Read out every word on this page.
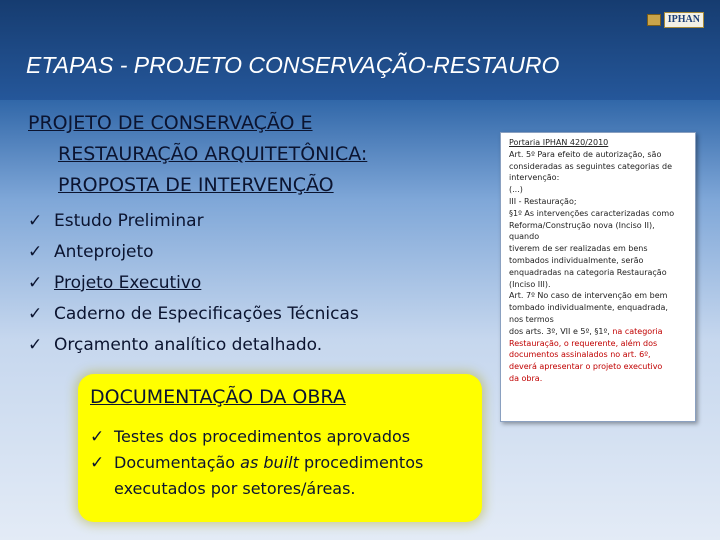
IPHAN
ETAPAS - PROJETO CONSERVAÇÃO-RESTAURO
PROJETO DE CONSERVAÇÃO E
RESTAURAÇÃO ARQUITETÔNICA:
PROPOSTA DE INTERVENÇÃO
✓ Estudo Preliminar
✓ Anteprojeto
✓ Projeto Executivo
✓ Caderno de Especificações Técnicas
✓ Orçamento analítico detalhado.
DOCUMENTAÇÃO DA OBRA
✓ Testes dos procedimentos aprovados
✓ Documentação as built procedimentos
executados por setores/áreas.
Portaria IPHAN 420/2010
Art. 5º Para efeito de autorização, são
consideradas as seguintes categorias de
intervenção:
(...)
III - Restauração;
§1º As intervenções caracterizadas como
Reforma/Construção nova (Inciso II),
quando
tiverem de ser realizadas em bens
tombados individualmente, serão
enquadradas na categoria Restauração
(Inciso III).
Art. 7º No caso de intervenção em bem
tombado individualmente, enquadrada,
nos termos
dos arts. 3º, VII e 5º, §1º, na categoria
Restauração, o requerente, além dos
documentos assinalados no art. 6º,
deverá apresentar o projeto executivo
da obra.
